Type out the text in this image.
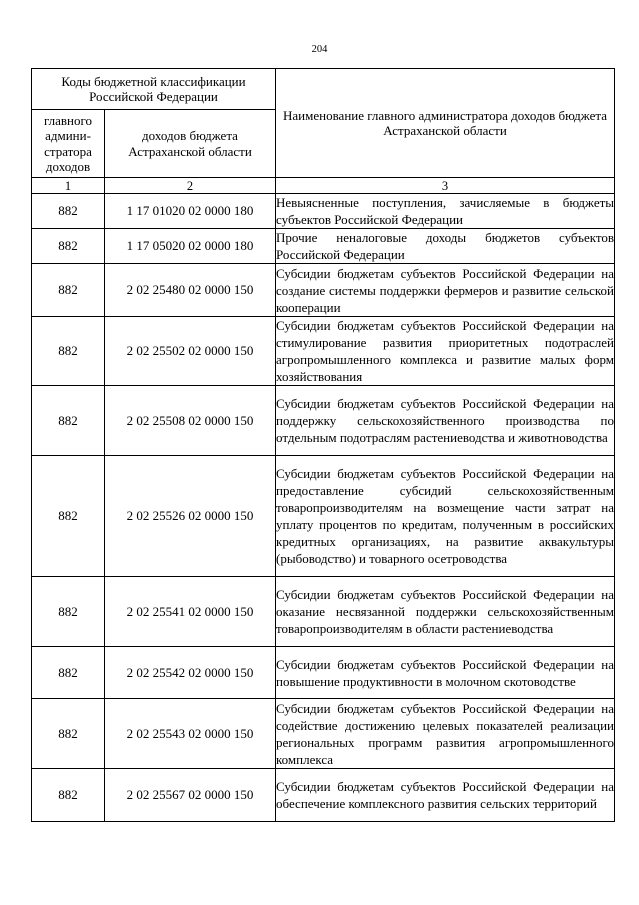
204
Коды бюджетной классификации Российской Федерации		Наименование главного администратора доходов бюджета Астраханской области
главного админи-стратора доходов	доходов бюджета Астраханской области	
1	2	3
882	1 17 01020 02 0000 180	Невыясненные поступления, зачисляемые в бюджеты субъектов Российской Федерации
882	1 17 05020 02 0000 180	Прочие неналоговые доходы бюджетов субъектов Российской Федерации
882	2 02 25480 02 0000 150	Субсидии бюджетам субъектов Российской Федерации на создание системы поддержки фермеров и развитие сельской кооперации
882	2 02 25502 02 0000 150	Субсидии бюджетам субъектов Российской Федерации на стимулирование развития приоритетных подотраслей агропромышленного комплекса и развитие малых форм хозяйствования
882	2 02 25508 02 0000 150	Субсидии бюджетам субъектов Российской Федерации на поддержку сельскохозяйственного производства по отдельным подотраслям растениеводства и животноводства
882	2 02 25526 02 0000 150	Субсидии бюджетам субъектов Российской Федерации на предоставление субсидий сельскохозяйственным товаропроизводителям на возмещение части затрат на уплату процентов по кредитам, полученным в российских кредитных организациях, на развитие аквакультуры (рыбоводство) и товарного осетроводства
882	2 02 25541 02 0000 150	Субсидии бюджетам субъектов Российской Федерации на оказание несвязанной поддержки сельскохозяйственным товаропроизводителям в области растениеводства
882	2 02 25542 02 0000 150	Субсидии бюджетам субъектов Российской Федерации на повышение продуктивности в молочном скотоводстве
882	2 02 25543 02 0000 150	Субсидии бюджетам субъектов Российской Федерации на содействие достижению целевых показателей реализации региональных программ развития агропромышленного комплекса
882	2 02 25567 02 0000 150	Субсидии бюджетам субъектов Российской Федерации на обеспечение комплексного развития сельских территорий
